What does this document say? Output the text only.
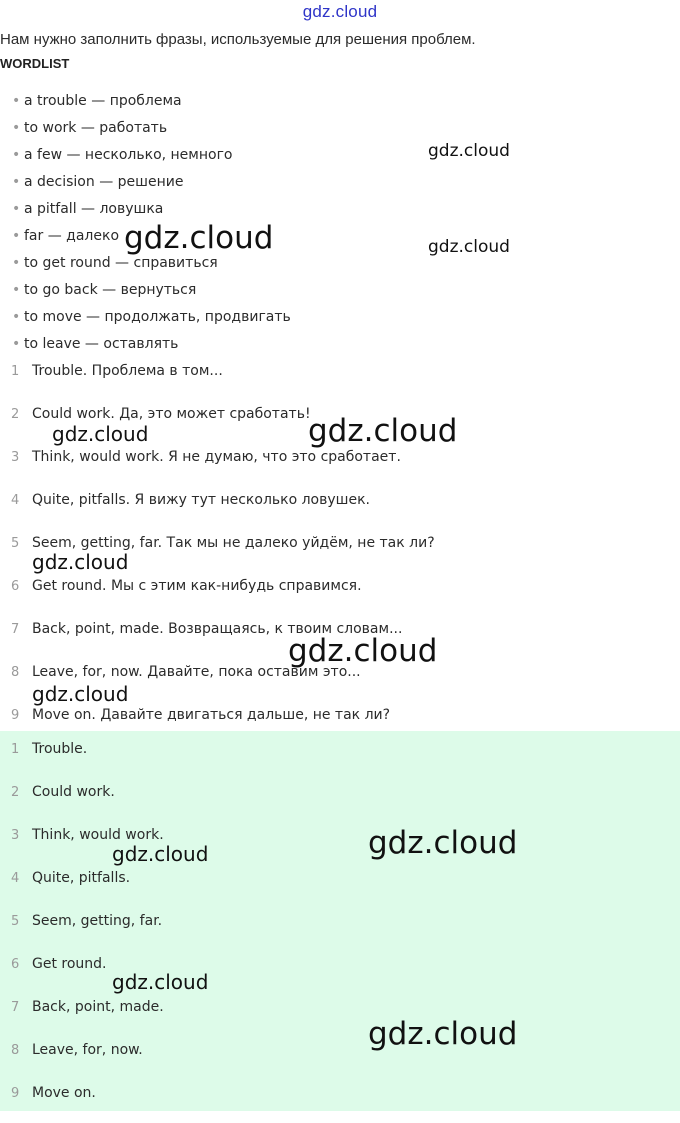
gdz.cloud
Нам нужно заполнить фразы, используемые для решения проблем.
WORDLIST
• a trouble — проблема
• to work — работать
• a few — несколько, немного
• a decision — решение
• a pitfall — ловушка
• far — далеко
• to get round — справиться
• to go back — вернуться
• to move — продолжать, продвигать
• to leave — оставлять
1 Trouble. Проблема в том...
2 Could work. Да, это может сработать!
3 Think, would work. Я не думаю, что это сработает.
4 Quite, pitfalls. Я вижу тут несколько ловушек.
5 Seem, getting, far. Так мы не далеко уйдём, не так ли?
6 Get round. Мы с этим как-нибудь справимся.
7 Back, point, made. Возвращаясь, к твоим словам...
8 Leave, for, now. Давайте, пока оставим это...
9 Move on. Давайте двигаться дальше, не так ли?
1 Trouble.
2 Could work.
3 Think, would work.
4 Quite, pitfalls.
5 Seem, getting, far.
6 Get round.
7 Back, point, made.
8 Leave, for, now.
9 Move on.
gdz.cloud
gdz.cloud	gdz.cloud
gdz.cloud	gdz.cloud
gdz.cloud
gdz.cloud
gdz.cloud
gdz.cloud
gdz.cloud
gdz.cloud
gdz.cloud
